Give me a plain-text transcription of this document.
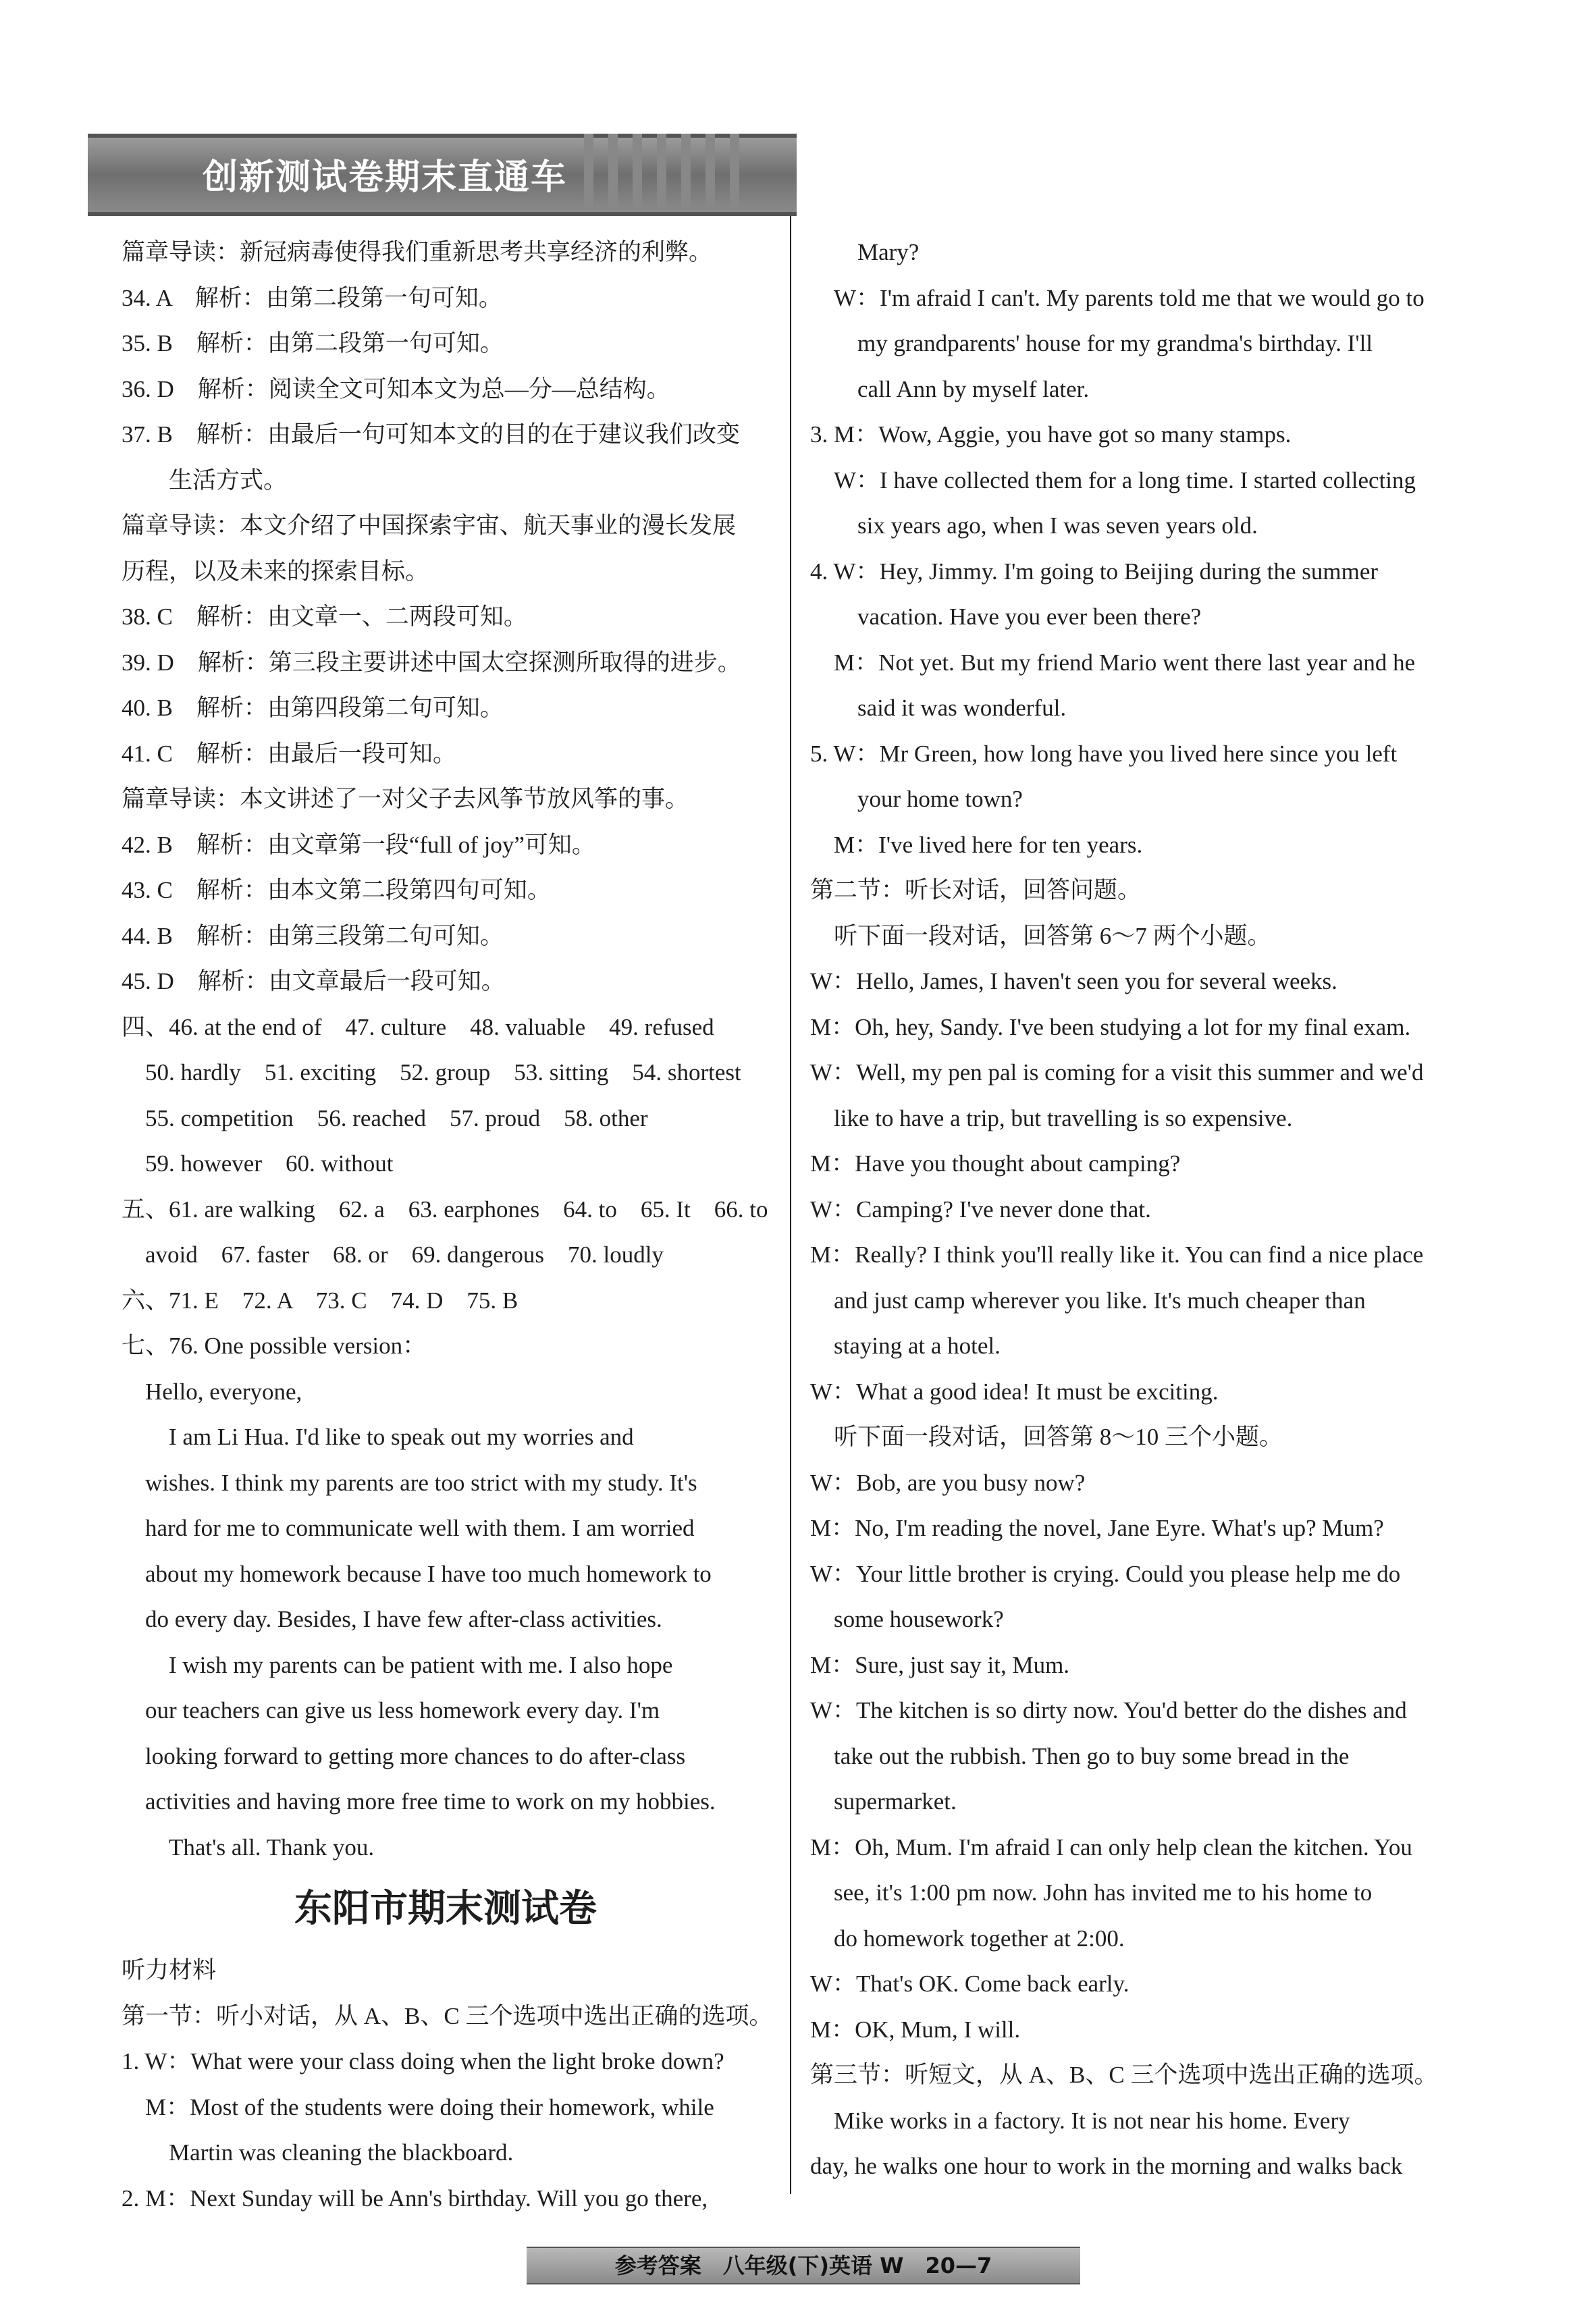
创新测试卷期末直通车
篇章导读：新冠病毒使得我们重新思考共享经济的利弊。
34. A　解析：由第二段第一句可知。
35. B　解析：由第二段第一句可知。
36. D　解析：阅读全文可知本文为总—分—总结构。
37. B　解析：由最后一句可知本文的目的在于建议我们改变
　　生活方式。
篇章导读：本文介绍了中国探索宇宙、航天事业的漫长发展
历程，以及未来的探索目标。
38. C　解析：由文章一、二两段可知。
39. D　解析：第三段主要讲述中国太空探测所取得的进步。
40. B　解析：由第四段第二句可知。
41. C　解析：由最后一段可知。
篇章导读：本文讲述了一对父子去风筝节放风筝的事。
42. B　解析：由文章第一段“full of joy”可知。
43. C　解析：由本文第二段第四句可知。
44. B　解析：由第三段第二句可知。
45. D　解析：由文章最后一段可知。
四、46. at the end of　47. culture　48. valuable　49. refused
　50. hardly　51. exciting　52. group　53. sitting　54. shortest
　55. competition　56. reached　57. proud　58. other
　59. however　60. without
五、61. are walking　62. a　63. earphones　64. to　65. It　66. to
　avoid　67. faster　68. or　69. dangerous　70. loudly
六、71. E　72. A　73. C　74. D　75. B
七、76. One possible version：
　Hello, everyone,
　　I am Li Hua. I'd like to speak out my worries and
　wishes. I think my parents are too strict with my study. It's
　hard for me to communicate well with them. I am worried
　about my homework because I have too much homework to
　do every day. Besides, I have few after-class activities.
　　I wish my parents can be patient with me. I also hope
　our teachers can give us less homework every day. I'm
　looking forward to getting more chances to do after-class
　activities and having more free time to work on my hobbies.
　　That's all. Thank you.
东阳市期末测试卷
听力材料
第一节：听小对话，从 A、B、C 三个选项中选出正确的选项。
1. W：What were your class doing when the light broke down?
　M：Most of the students were doing their homework, while
　　Martin was cleaning the blackboard.
2. M：Next Sunday will be Ann's birthday. Will you go there,
　　Mary?
　W：I'm afraid I can't. My parents told me that we would go to
　　my grandparents' house for my grandma's birthday. I'll
　　call Ann by myself later.
3. M：Wow, Aggie, you have got so many stamps.
　W：I have collected them for a long time. I started collecting
　　six years ago, when I was seven years old.
4. W：Hey, Jimmy. I'm going to Beijing during the summer
　　vacation. Have you ever been there?
　M：Not yet. But my friend Mario went there last year and he
　　said it was wonderful.
5. W：Mr Green, how long have you lived here since you left
　　your home town?
　M：I've lived here for ten years.
第二节：听长对话，回答问题。
　听下面一段对话，回答第 6～7 两个小题。
W：Hello, James, I haven't seen you for several weeks.
M：Oh, hey, Sandy. I've been studying a lot for my final exam.
W：Well, my pen pal is coming for a visit this summer and we'd
　like to have a trip, but travelling is so expensive.
M：Have you thought about camping?
W：Camping? I've never done that.
M：Really? I think you'll really like it. You can find a nice place
　and just camp wherever you like. It's much cheaper than
　staying at a hotel.
W：What a good idea! It must be exciting.
　听下面一段对话，回答第 8～10 三个小题。
W：Bob, are you busy now?
M：No, I'm reading the novel, Jane Eyre. What's up? Mum?
W：Your little brother is crying. Could you please help me do
　some housework?
M：Sure, just say it, Mum.
W：The kitchen is so dirty now. You'd better do the dishes and
　take out the rubbish. Then go to buy some bread in the
　supermarket.
M：Oh, Mum. I'm afraid I can only help clean the kitchen. You
　see, it's 1:00 pm now. John has invited me to his home to
　do homework together at 2:00.
W：That's OK. Come back early.
M：OK, Mum, I will.
第三节：听短文，从 A、B、C 三个选项中选出正确的选项。
　Mike works in a factory. It is not near his home. Every
day, he walks one hour to work in the morning and walks back
参考答案　八年级(下)英语 W　20—7
